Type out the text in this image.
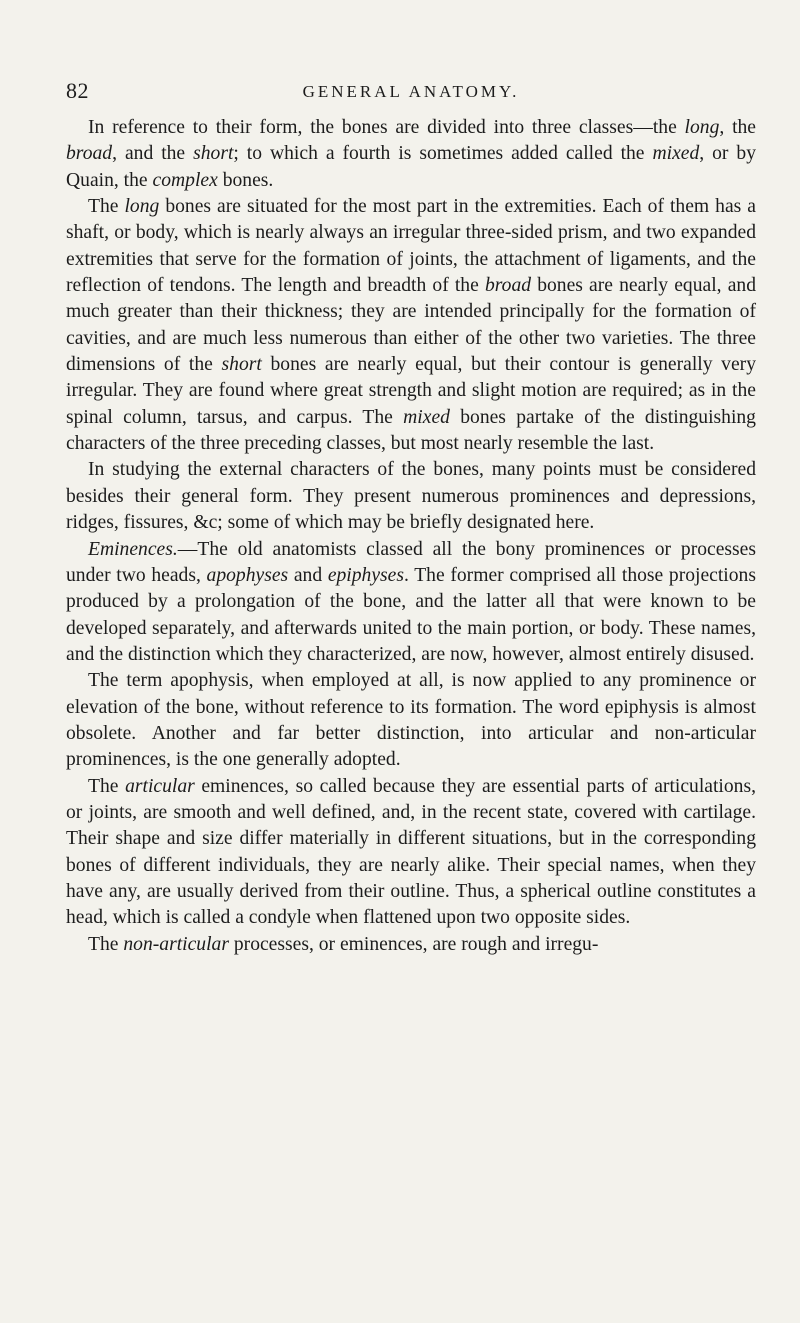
82	GENERAL ANATOMY.

In reference to their form, the bones are divided into three classes—the long, the broad, and the short; to which a fourth is sometimes added called the mixed, or by Quain, the complex bones.

The long bones are situated for the most part in the extremities. Each of them has a shaft, or body, which is nearly always an irregular three-sided prism, and two expanded extremities that serve for the formation of joints, the attachment of ligaments, and the reflection of tendons. The length and breadth of the broad bones are nearly equal, and much greater than their thickness; they are intended principally for the formation of cavities, and are much less numerous than either of the other two varieties. The three dimensions of the short bones are nearly equal, but their contour is generally very irregular. They are found where great strength and slight motion are required; as in the spinal column, tarsus, and carpus. The mixed bones partake of the distinguishing characters of the three preceding classes, but most nearly resemble the last.

In studying the external characters of the bones, many points must be considered besides their general form. They present numerous prominences and depressions, ridges, fissures, &c; some of which may be briefly designated here.

Eminences.—The old anatomists classed all the bony prominences or processes under two heads, apophyses and epiphyses. The former comprised all those projections produced by a prolongation of the bone, and the latter all that were known to be developed separately, and afterwards united to the main portion, or body. These names, and the distinction which they characterized, are now, however, almost entirely disused.

The term apophysis, when employed at all, is now applied to any prominence or elevation of the bone, without reference to its formation. The word epiphysis is almost obsolete. Another and far better distinction, into articular and non-articular prominences, is the one generally adopted.

The articular eminences, so called because they are essential parts of articulations, or joints, are smooth and well defined, and, in the recent state, covered with cartilage. Their shape and size differ materially in different situations, but in the corresponding bones of different individuals, they are nearly alike. Their special names, when they have any, are usually derived from their outline. Thus, a spherical outline constitutes a head, which is called a condyle when flattened upon two opposite sides.

The non-articular processes, or eminences, are rough and irregu-
